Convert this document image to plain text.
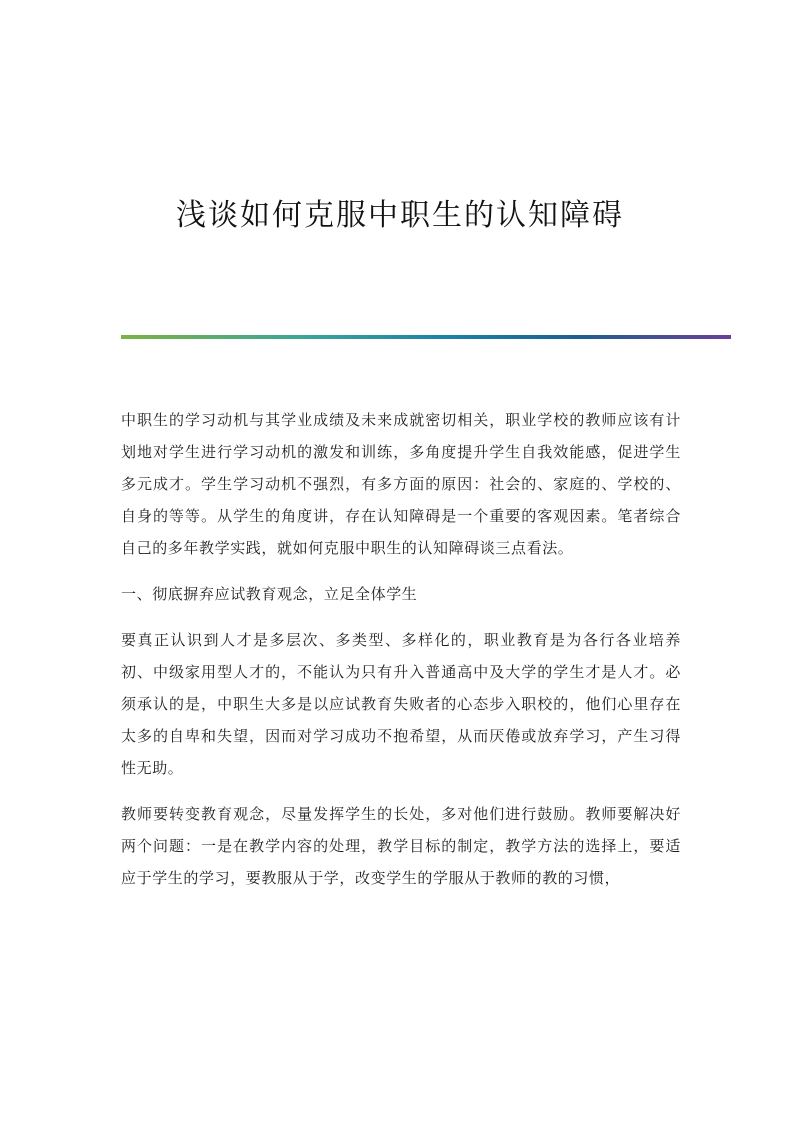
浅谈如何克服中职生的认知障碍

中职生的学习动机与其学业成绩及未来成就密切相关，职业学校的教师应该有计划地对学生进行学习动机的激发和训练，多角度提升学生自我效能感，促进学生多元成才。学生学习动机不强烈，有多方面的原因：社会的、家庭的、学校的、自身的等等。从学生的角度讲，存在认知障碍是一个重要的客观因素。笔者综合自己的多年教学实践，就如何克服中职生的认知障碍谈三点看法。

一、彻底摒弃应试教育观念，立足全体学生

要真正认识到人才是多层次、多类型、多样化的，职业教育是为各行各业培养初、中级家用型人才的，不能认为只有升入普通高中及大学的学生才是人才。必须承认的是，中职生大多是以应试教育失败者的心态步入职校的，他们心里存在太多的自卑和失望，因而对学习成功不抱希望，从而厌倦或放弃学习，产生习得性无助。

教师要转变教育观念，尽量发挥学生的长处，多对他们进行鼓励。教师要解决好两个问题：一是在教学内容的处理，教学目标的制定，教学方法的选择上，要适应于学生的学习，要教服从于学，改变学生的学服从于教师的教的习惯，
